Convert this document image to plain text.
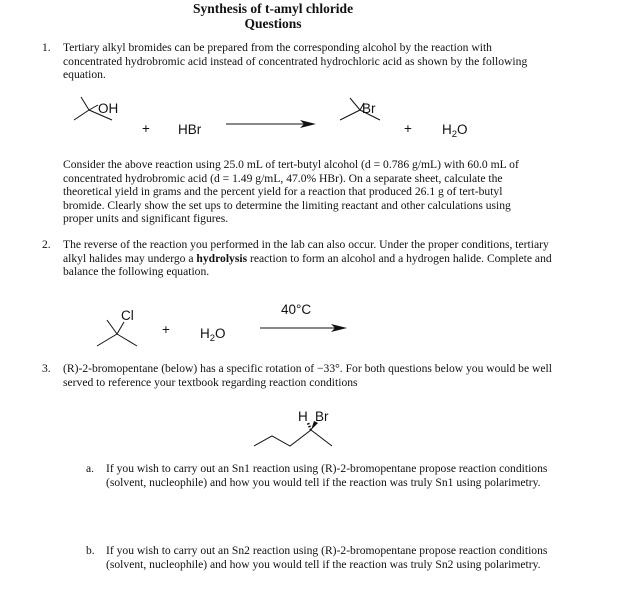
Synthesis of t-amyl chloride
Questions
1. Tertiary alkyl bromides can be prepared from the corresponding alcohol by the reaction with concentrated hydrobromic acid instead of concentrated hydrochloric acid as shown by the following equation.
OH
+ HBr
Br
+ $H_2O$
Cl
+ $H_2O$
40°C
H Br
Consider the above reaction using 25.0 mL of tert-butyl alcohol (d = 0.786 g/mL) with 60.0 mL of concentrated hydrobromic acid (d = 1.49 g/mL, 47.0% HBr). On a separate sheet, calculate the theoretical yield in grams and the percent yield for a reaction that produced 26.1 g of tert-butyl bromide. Clearly show the set ups to determine the limiting reactant and other calculations using proper units and significant figures.
2. The reverse of the reaction you performed in the lab can also occur. Under the proper conditions, tertiary alkyl halides may undergo a hydrolysis reaction to form an alcohol and a hydrogen halide. Complete and balance the following equation.
3. (R)-2-bromopentane (below) has a specific rotation of −33°. For both questions below you would be well served to reference your textbook regarding reaction conditions
a. If you wish to carry out an Sn1 reaction using (R)-2-bromopentane propose reaction conditions (solvent, nucleophile) and how you would tell if the reaction was truly Sn1 using polarimetry.
b. If you wish to carry out an Sn2 reaction using (R)-2-bromopentane propose reaction conditions (solvent, nucleophile) and how you would tell if the reaction was truly Sn2 using polarimetry.
